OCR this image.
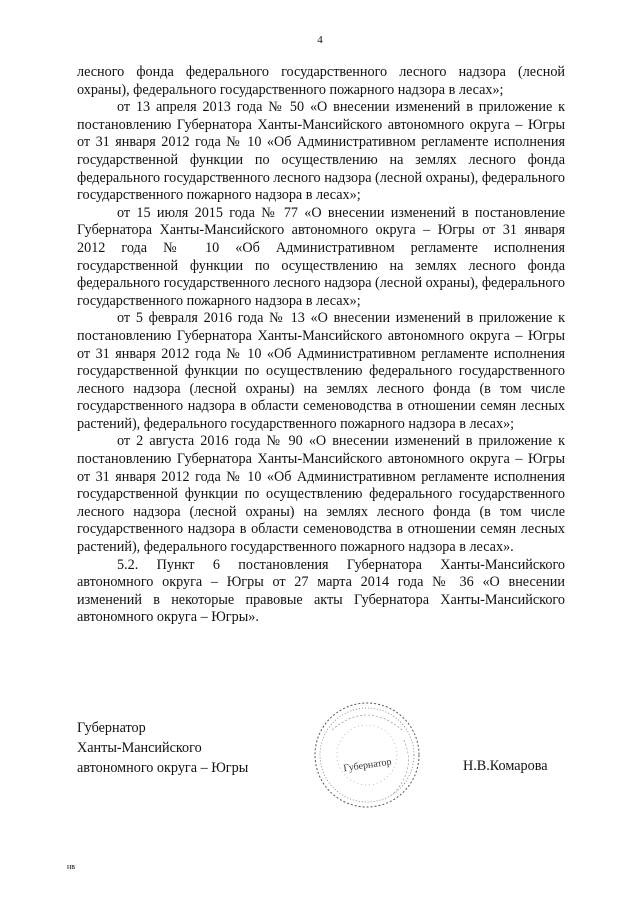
4

лесного фонда федерального государственного лесного надзора (лесной охраны), федерального государственного пожарного надзора в лесах»;

от 13 апреля 2013 года № 50 «О внесении изменений в приложение к постановлению Губернатора Ханты-Мансийского автономного округа – Югры от 31 января 2012 года № 10 «Об Административном регламенте исполнения государственной функции по осуществлению на землях лесного фонда федерального государственного лесного надзора (лесной охраны), федерального государственного пожарного надзора в лесах»;

от 15 июля 2015 года № 77 «О внесении изменений в постановление Губернатора Ханты-Мансийского автономного округа – Югры от 31 января 2012 года № 10 «Об Административном регламенте исполнения государственной функции по осуществлению на землях лесного фонда федерального государственного лесного надзора (лесной охраны), федерального государственного пожарного надзора в лесах»;

от 5 февраля 2016 года № 13 «О внесении изменений в приложение к постановлению Губернатора Ханты-Мансийского автономного округа – Югры от 31 января 2012 года № 10 «Об Административном регламенте исполнения государственной функции по осуществлению федерального государственного лесного надзора (лесной охраны) на землях лесного фонда (в том числе государственного надзора в области семеноводства в отношении семян лесных растений), федерального государственного пожарного надзора в лесах»;

от 2 августа 2016 года № 90 «О внесении изменений в приложение к постановлению Губернатора Ханты-Мансийского автономного округа – Югры от 31 января 2012 года № 10 «Об Административном регламенте исполнения государственной функции по осуществлению федерального государственного лесного надзора (лесной охраны) на землях лесного фонда (в том числе государственного надзора в области семеноводства в отношении семян лесных растений), федерального государственного пожарного надзора в лесах».

5.2. Пункт 6 постановления Губернатора Ханты-Мансийского автономного округа – Югры от 27 марта 2014 года № 36 «О внесении изменений в некоторые правовые акты Губернатора Ханты-Мансийского автономного округа – Югры».

Губернатор
Ханты-Мансийского
автономного округа – Югры	Губернатор	Н.В.Комарова
нв
